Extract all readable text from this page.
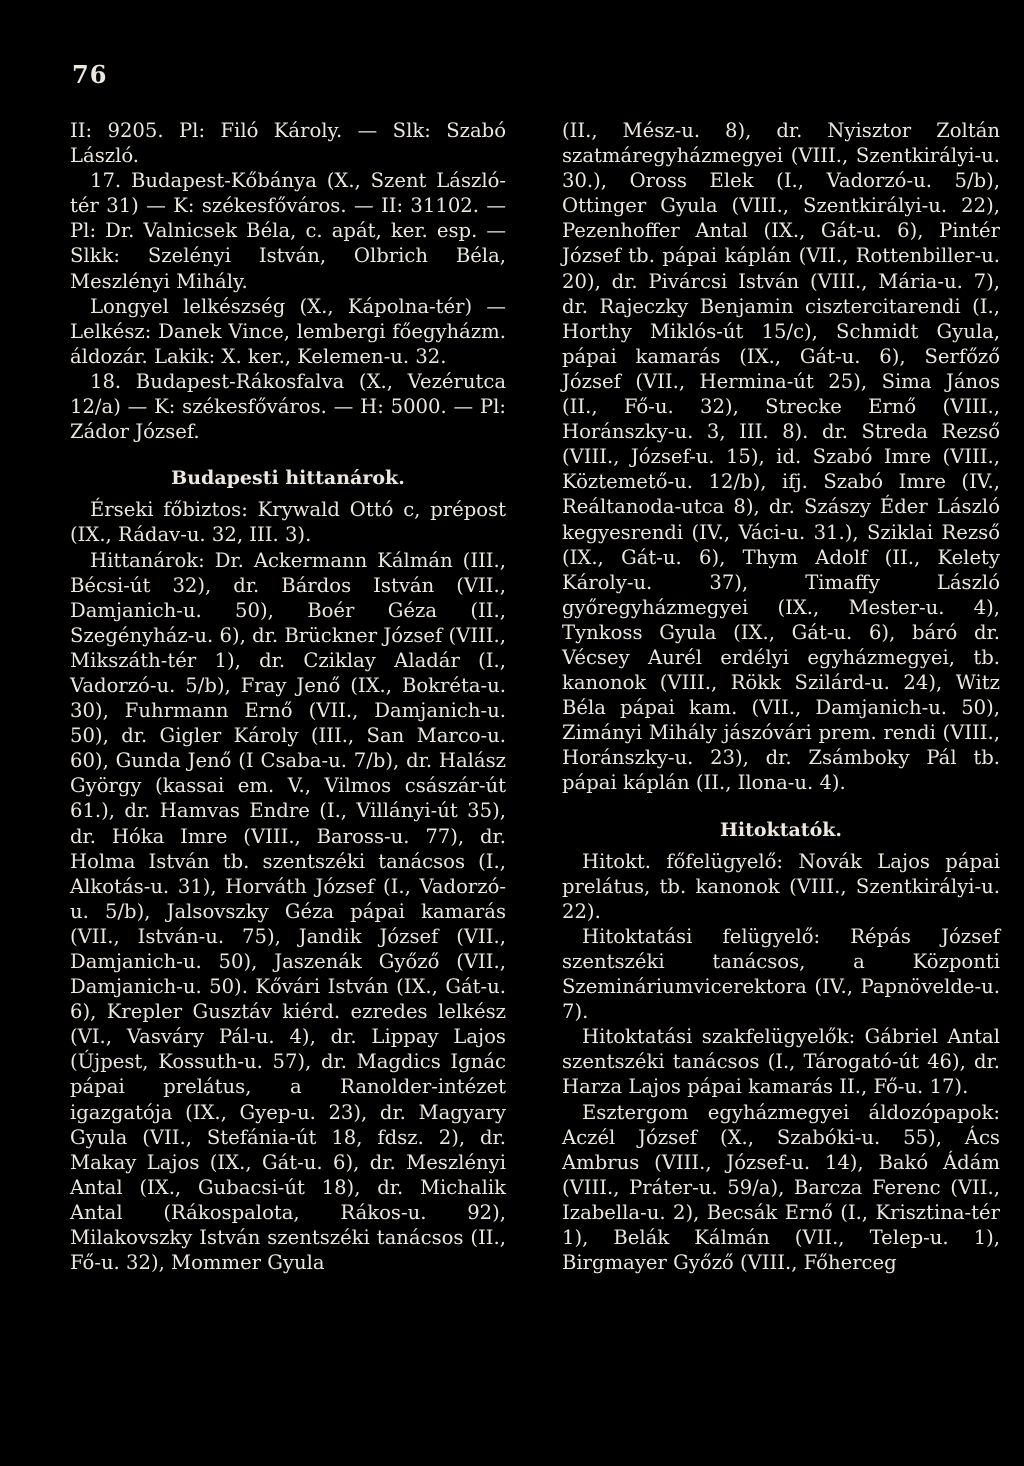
76

II: 9205. Pl: Filó Károly. — Slk: Szabó László.

17. Budapest-Kőbánya (X., Szent László-tér 31) — K: székesfőváros. — II: 31102. — Pl: Dr. Valnicsek Béla, c. apát, ker. esp. — Slkk: Szelényi István, Olbrich Béla, Meszlényi Mihály.

Longyel lelkészség (X., Kápolna-tér) — Lelkész: Danek Vince, lembergi főegyházm. áldozár. Lakik: X. ker., Kelemen-u. 32.

18. Budapest-Rákosfalva (X., Vezérutca 12/a) — K: székesfőváros. — H: 5000. — Pl: Zádor József.

Budapesti hittanárok.

Érseki főbiztos: Krywald Ottó c, prépost (IX., Rádav-u. 32, III. 3).

Hittanárok: Dr. Ackermann Kálmán (III., Bécsi-út 32), dr. Bárdos István (VII., Damjanich-u. 50), Boér Géza (II., Szegényház-u. 6), dr. Brückner József (VIII., Mikszáth-tér 1), dr. Cziklay Aladár (I., Vadorzó-u. 5/b), Fray Jenő (IX., Bokréta-u. 30), Fuhrmann Ernő (VII., Damjanich-u. 50), dr. Gigler Károly (III., San Marco-u. 60), Gunda Jenő (I Csaba-u. 7/b), dr. Halász György (kassai em. V., Vilmos császár-út 61.), dr. Hamvas Endre (I., Villányi-út 35), dr. Hóka Imre (VIII., Baross-u. 77), dr. Holma István tb. szentszéki tanácsos (I., Alkotás-u. 31), Horváth József (I., Vadorzó-u. 5/b), Jalsovszky Géza pápai kamarás (VII., István-u. 75), Jandik József (VII., Damjanich-u. 50), Jaszenák Győző (VII., Damjanich-u. 50). Kővári István (IX., Gát-u. 6), Krepler Gusztáv kiérd. ezredes lelkész (VI., Vasváry Pál-u. 4), dr. Lippay Lajos (Újpest, Kossuth-u. 57), dr. Magdics Ignác pápai prelátus, a Ranolder-intézet igazgatója (IX., Gyep-u. 23), dr. Magyary Gyula (VII., Stefánia-út 18, fdsz. 2), dr. Makay Lajos (IX., Gát-u. 6), dr. Meszlényi Antal (IX., Gubacsi-út 18), dr. Michalik Antal (Rákospalota, Rákos-u. 92), Milakovszky István szentszéki tanácsos (II., Fő-u. 32), Mommer Gyula

(II., Mész-u. 8), dr. Nyisztor Zoltán szatmáregyházmegyei (VIII., Szentkirályi-u. 30.), Oross Elek (I., Vadorzó-u. 5/b), Ottinger Gyula (VIII., Szentkirályi-u. 22), Pezenhoffer Antal (IX., Gát-u. 6), Pintér József tb. pápai káplán (VII., Rottenbiller-u. 20), dr. Pivárcsi István (VIII., Mária-u. 7), dr. Rajeczky Benjamin cisztercitarendi (I., Horthy Miklós-út 15/c), Schmidt Gyula, pápai kamarás (IX., Gát-u. 6), Serfőző József (VII., Hermina-út 25), Sima János (II., Fő-u. 32), Strecke Ernő (VIII., Horánszky-u. 3, III. 8). dr. Streda Rezső (VIII., József-u. 15), id. Szabó Imre (VIII., Köztemető-u. 12/b), ifj. Szabó Imre (IV., Reáltanoda-utca 8), dr. Szászy Éder László kegyesrendi (IV., Váci-u. 31.), Sziklai Rezső (IX., Gát-u. 6), Thym Adolf (II., Kelety Károly-u. 37), Timaffy László győregyházmegyei (IX., Mester-u. 4), Tynkoss Gyula (IX., Gát-u. 6), báró dr. Vécsey Aurél erdélyi egyházmegyei, tb. kanonok (VIII., Rökk Szilárd-u. 24), Witz Béla pápai kam. (VII., Damjanich-u. 50), Zimányi Mihály jászóvári prem. rendi (VIII., Horánszky-u. 23), dr. Zsámboky Pál tb. pápai káplán (II., Ilona-u. 4).

Hitoktatók.

Hitokt. főfelügyelő: Novák Lajos pápai prelátus, tb. kanonok (VIII., Szentkirályi-u. 22).

Hitoktatási felügyelő: Répás József szentszéki tanácsos, a Központi Szemináriumvicerektora (IV., Papnövelde-u. 7).

Hitoktatási szakfelügyelők: Gábriel Antal szentszéki tanácsos (I., Tárogató-út 46), dr. Harza Lajos pápai kamarás II., Fő-u. 17).

Esztergom egyházmegyei áldozópapok: Aczél József (X., Szabóki-u. 55), Ács Ambrus (VIII., József-u. 14), Bakó Ádám (VIII., Práter-u. 59/a), Barcza Ferenc (VII., Izabella-u. 2), Becsák Ernő (I., Krisztina-tér 1), Belák Kálmán (VII., Telep-u. 1), Birgmayer Győző (VIII., Főherceg
